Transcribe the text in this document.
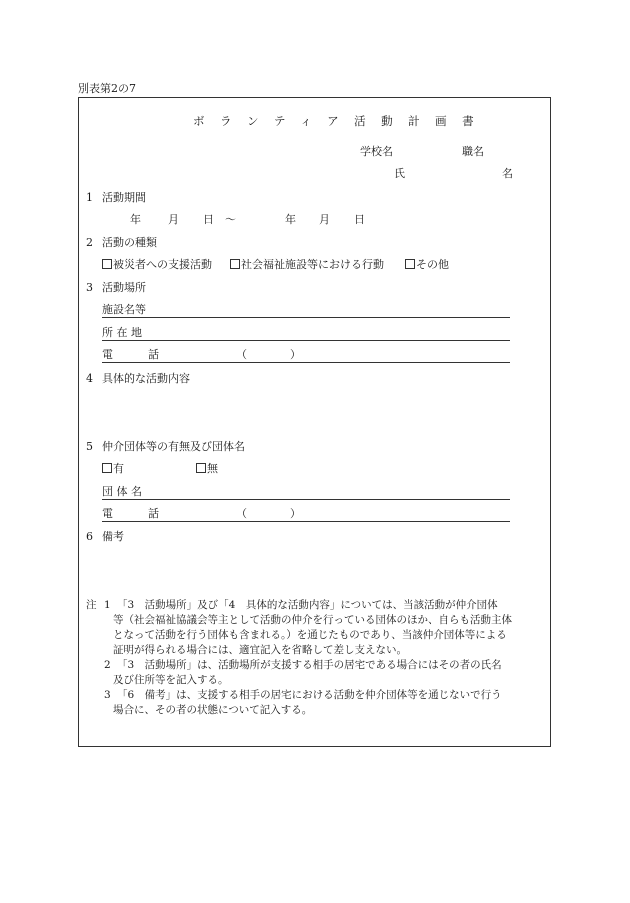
別表第2の7
ボランティア活動計画書
学校名	職名
氏	名
1 活動期間
年 月 日 ～	年 月 日
2 活動の種類
被災者への支援活動	社会福祉施設等における行動	その他
3 活動場所
施設名等
所 在 地
電	話	（	）
4 具体的な活動内容
5 仲介団体等の有無及び団体名
有	無
団 体 名
電	話	（	）
6 備考
注 1 「3　活動場所」及び「4　具体的な活動内容」については、当該活動が仲介団体
等（社会福祉協議会等主として活動の仲介を行っている団体のほか、自らも活動主体
となって活動を行う団体も含まれる。）を通じたものであり、当該仲介団体等による
証明が得られる場合には、適宜記入を省略して差し支えない。
2 「3　活動場所」は、活動場所が支援する相手の居宅である場合にはその者の氏名
及び住所等を記入する。
3 「6　備考」は、支援する相手の居宅における活動を仲介団体等を通じないで行う
場合に、その者の状態について記入する。
